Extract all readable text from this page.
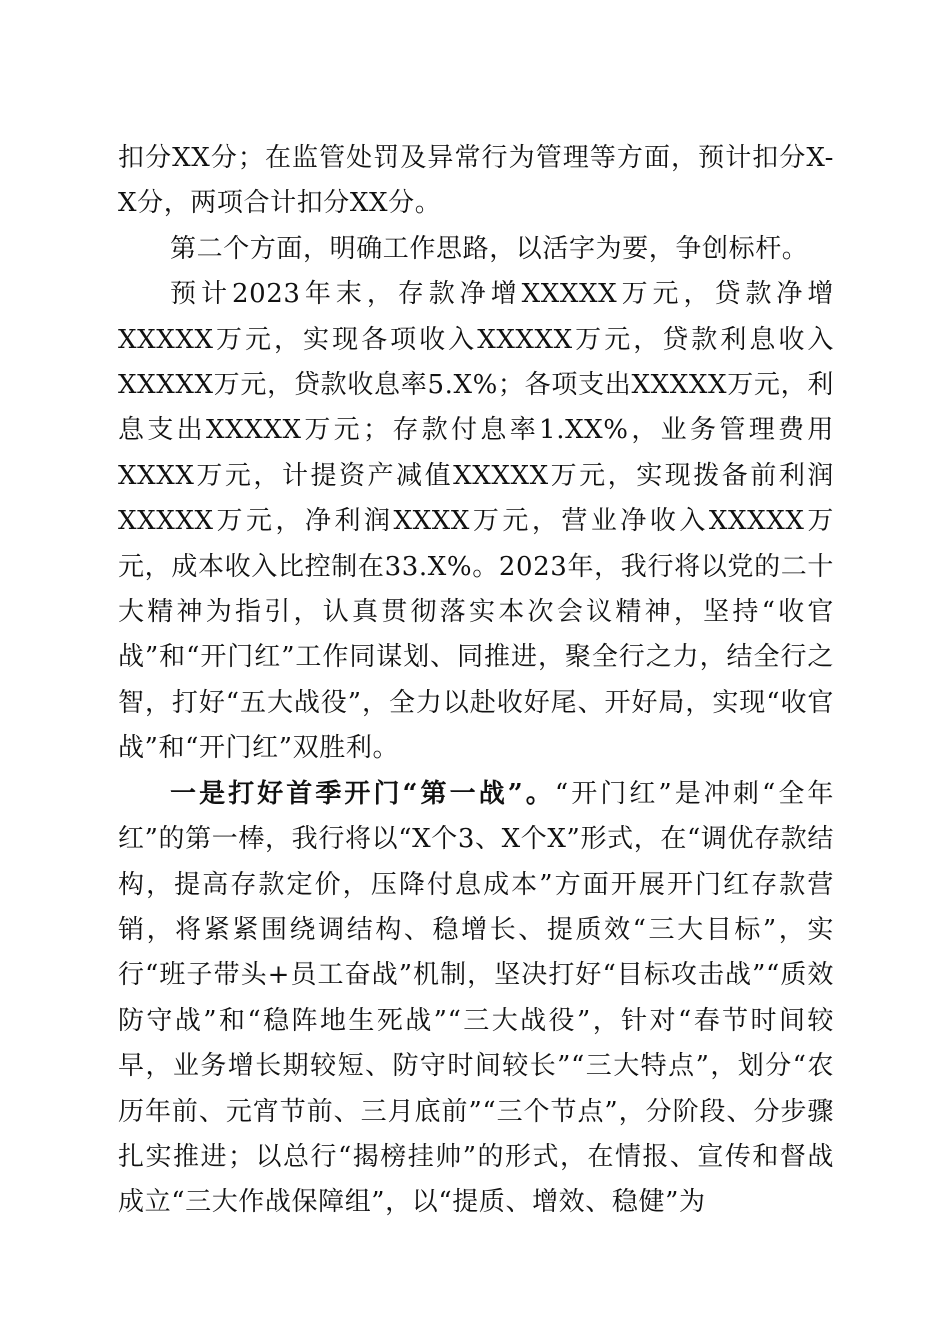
扣分XX分；在监管处罚及异常行为管理等方面，预计扣分X-X分，两项合计扣分XX分。

第二个方面，明确工作思路，以活字为要，争创标杆。

预计2023年末，存款净增XXXXX万元，贷款净增XXXXX万元，实现各项收入XXXXX万元，贷款利息收入XXXXX万元，贷款收息率5.X%；各项支出XXXXX万元，利息支出XXXXX万元；存款付息率1.XX%，业务管理费用XXXX万元，计提资产减值XXXXX万元，实现拨备前利润XXXXX万元，净利润XXXX万元，营业净收入XXXXX万元，成本收入比控制在33.X%。2023年，我行将以党的二十大精神为指引，认真贯彻落实本次会议精神，坚持“收官战”和“开门红”工作同谋划、同推进，聚全行之力，结全行之智，打好“五大战役”，全力以赴收好尾、开好局，实现“收官战”和“开门红”双胜利。

一是打好首季开门“第一战”。“开门红”是冲刺“全年红”的第一棒，我行将以“X个3、X个X”形式，在“调优存款结构，提高存款定价，压降付息成本”方面开展开门红存款营销，将紧紧围绕调结构、稳增长、提质效“三大目标”，实行“班子带头+员工奋战”机制，坚决打好“目标攻击战”“质效防守战”和“稳阵地生死战”“三大战役”，针对“春节时间较早，业务增长期较短、防守时间较长”“三大特点”，划分“农历年前、元宵节前、三月底前”“三个节点”，分阶段、分步骤扎实推进；以总行“揭榜挂帅”的形式，在情报、宣传和督战成立“三大作战保障组”，以“提质、增效、稳健”为
